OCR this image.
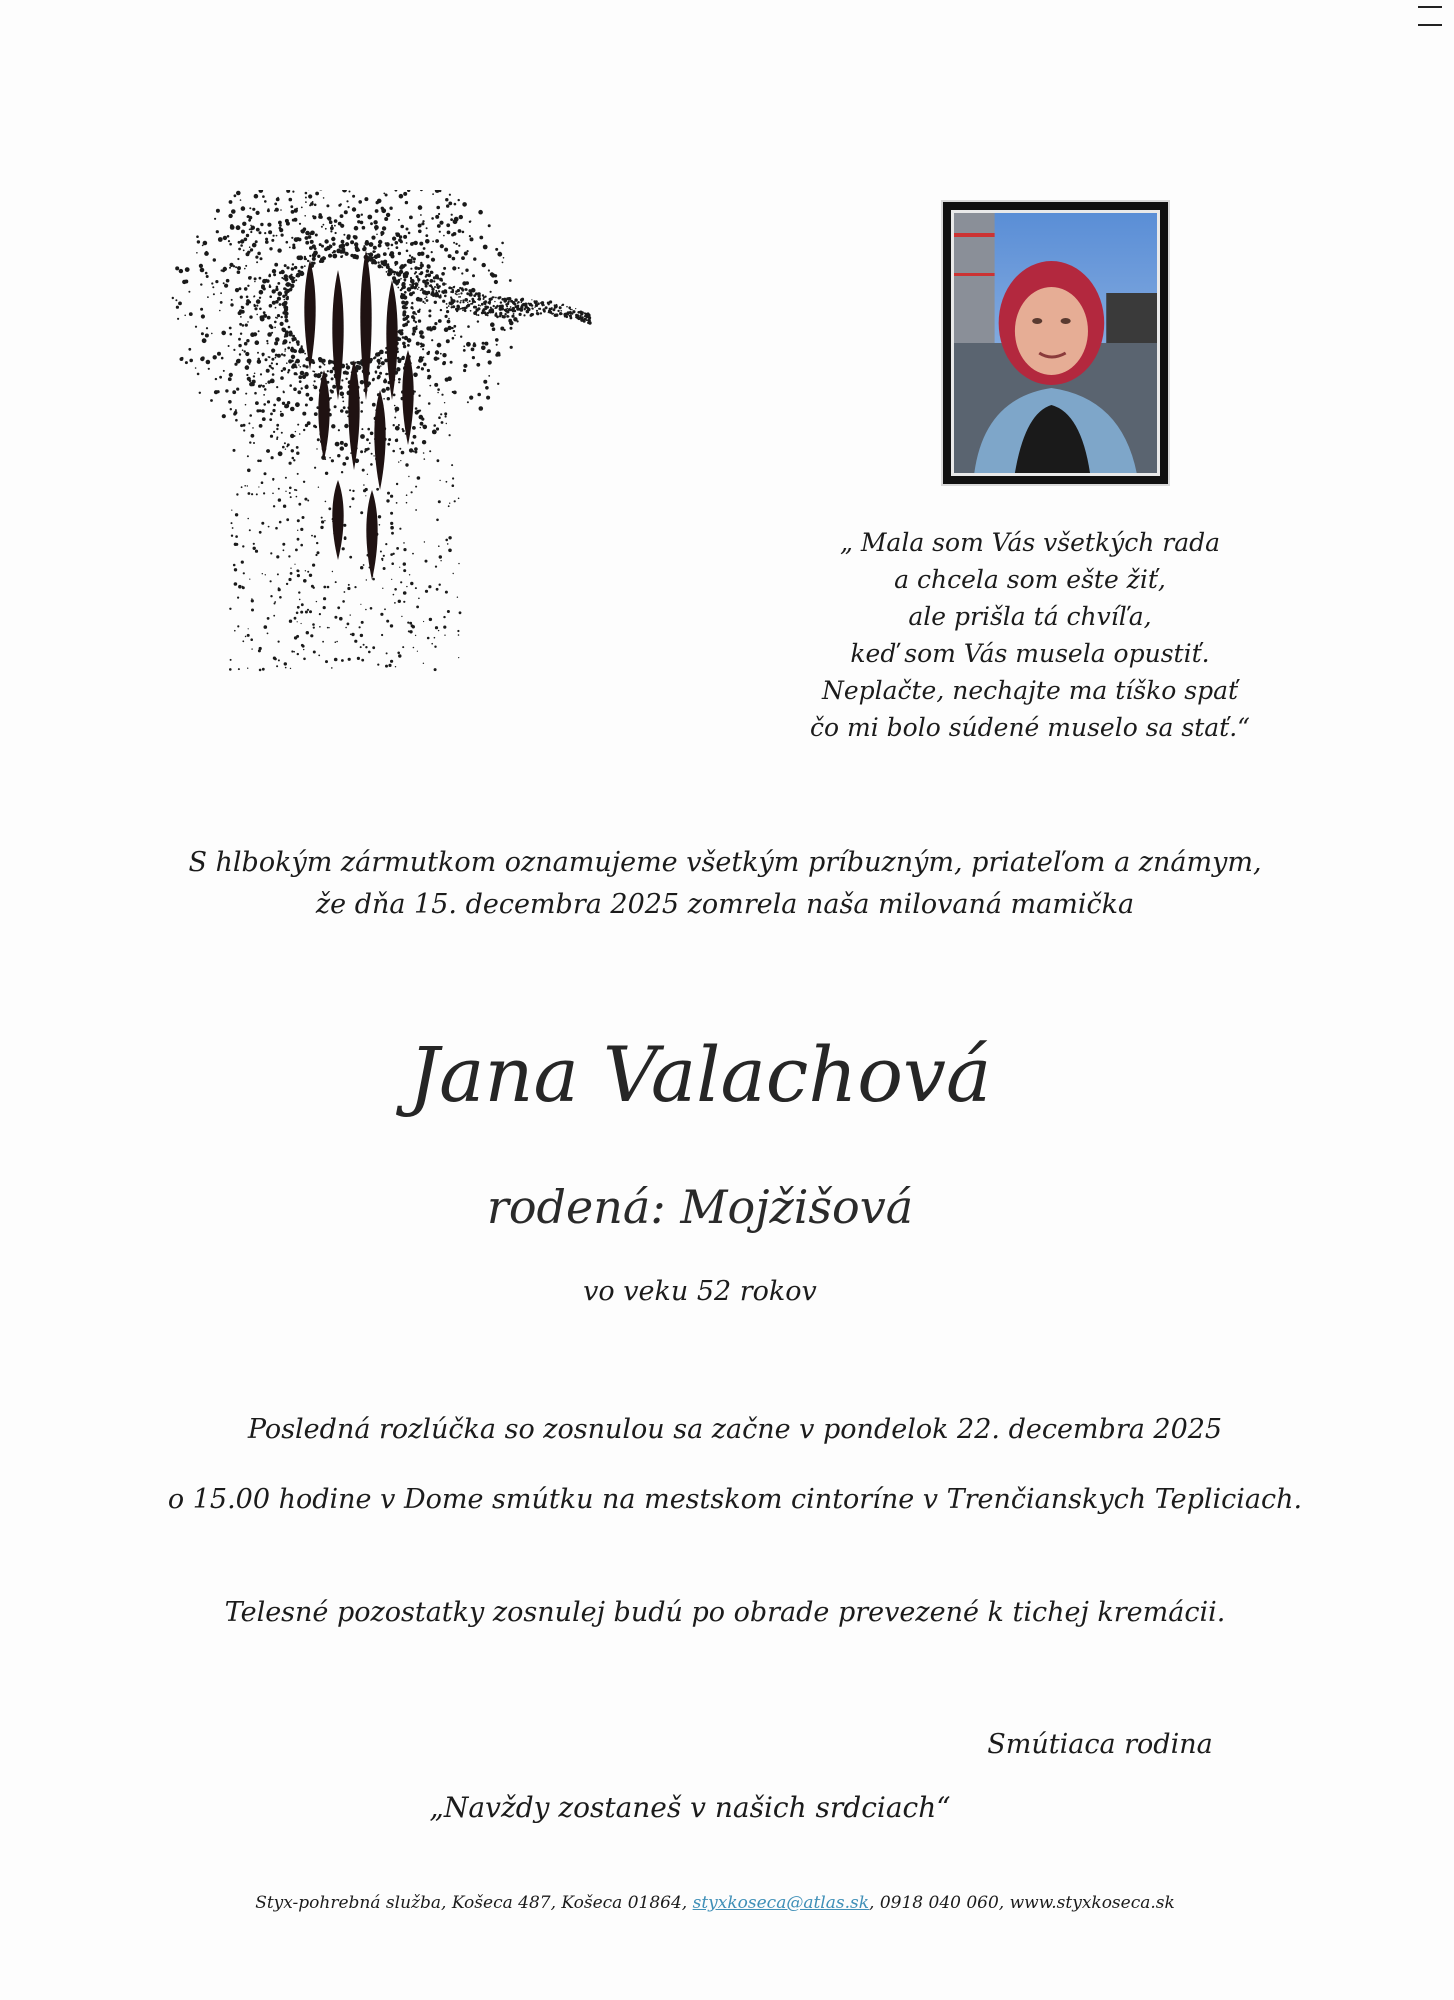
„ Mala som Vás všetkých rada
a chcela som ešte žiť,
ale prišla tá chvíľa,
keď som Vás musela opustiť.
Neplačte, nechajte ma tíško spať
čo mi bolo súdené muselo sa stať.“
S hlbokým zármutkom oznamujeme všetkým príbuzným, priateľom a známym,
že dňa 15. decembra 2025 zomrela naša milovaná mamička
Jana Valachová
rodená: Mojžišová
vo veku 52 rokov
Posledná rozlúčka so zosnulou sa začne v pondelok 22. decembra 2025
o 15.00 hodine v Dome smútku na mestskom cintoríne v Trenčianskych Tepliciach.
Telesné pozostatky zosnulej budú po obrade prevezené k tichej kremácii.
Smútiaca rodina
„Navždy zostaneš v našich srdciach“
Styx-pohrebná služba, Košeca 487, Košeca 01864, styxkoseca@atlas.sk, 0918 040 060, www.styxkoseca.sk
